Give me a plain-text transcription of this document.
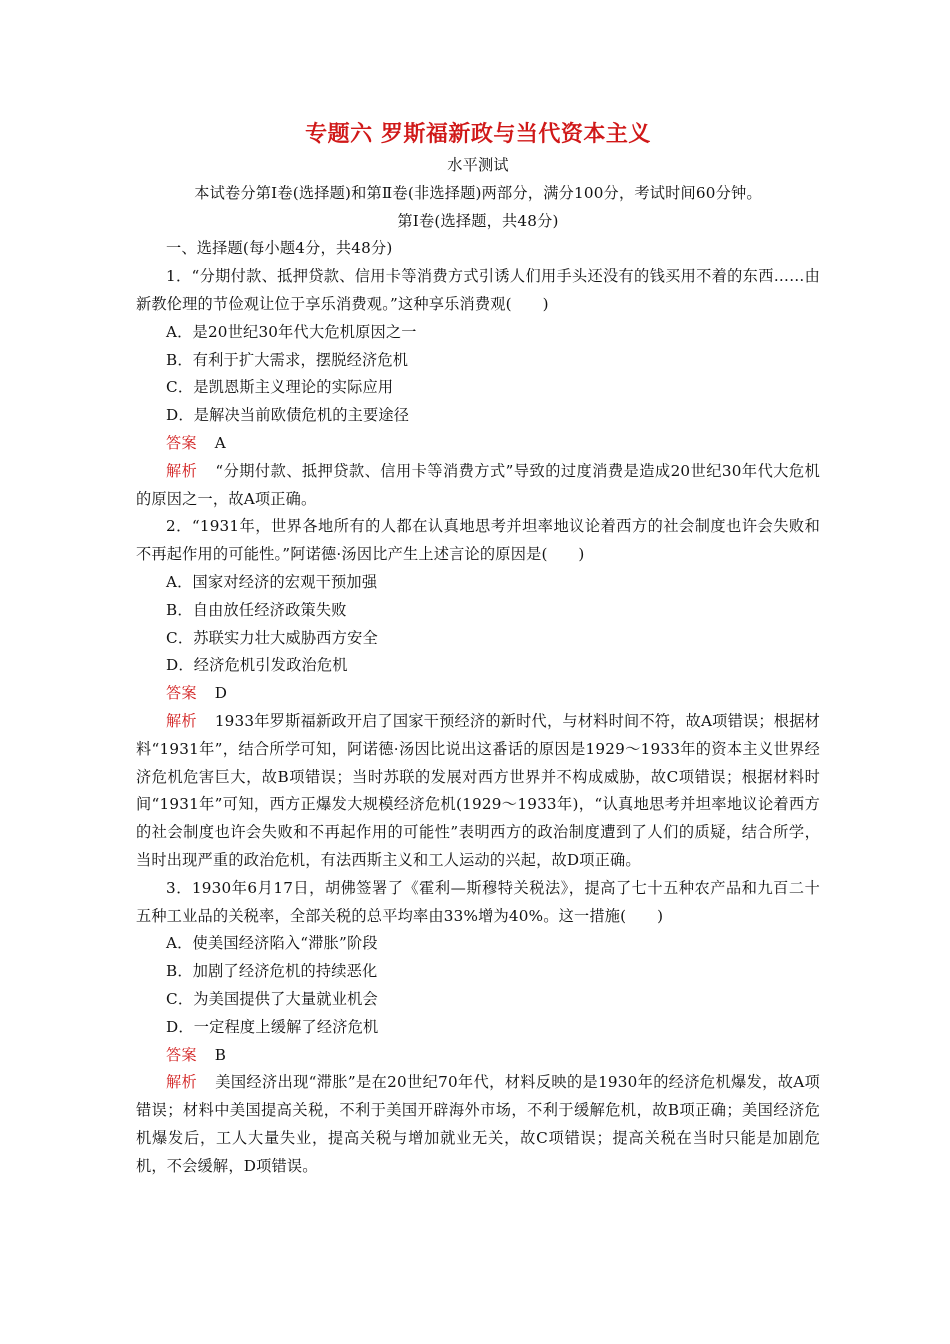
专题六 罗斯福新政与当代资本主义
水平测试
本试卷分第Ⅰ卷(选择题)和第Ⅱ卷(非选择题)两部分，满分100分，考试时间60分钟。
第Ⅰ卷(选择题，共48分)
一、选择题(每小题4分，共48分)
1．“分期付款、抵押贷款、信用卡等消费方式引诱人们用手头还没有的钱买用不着的东西……由新教伦理的节俭观让位于享乐消费观。”这种享乐消费观(　　)
A．是20世纪30年代大危机原因之一
B．有利于扩大需求，摆脱经济危机
C．是凯恩斯主义理论的实际应用
D．是解决当前欧债危机的主要途径
答案 A
解析 “分期付款、抵押贷款、信用卡等消费方式”导致的过度消费是造成20世纪30年代大危机的原因之一，故A项正确。
2．“1931年，世界各地所有的人都在认真地思考并坦率地议论着西方的社会制度也许会失败和不再起作用的可能性。”阿诺德·汤因比产生上述言论的原因是(　　)
A．国家对经济的宏观干预加强
B．自由放任经济政策失败
C．苏联实力壮大威胁西方安全
D．经济危机引发政治危机
答案 D
解析 1933年罗斯福新政开启了国家干预经济的新时代，与材料时间不符，故A项错误；根据材料“1931年”，结合所学可知，阿诺德·汤因比说出这番话的原因是1929～1933年的资本主义世界经济危机危害巨大，故B项错误；当时苏联的发展对西方世界并不构成威胁，故C项错误；根据材料时间“1931年”可知，西方正爆发大规模经济危机(1929～1933年)，“认真地思考并坦率地议论着西方的社会制度也许会失败和不再起作用的可能性”表明西方的政治制度遭到了人们的质疑，结合所学，当时出现严重的政治危机，有法西斯主义和工人运动的兴起，故D项正确。
3．1930年6月17日，胡佛签署了《霍利—斯穆特关税法》，提高了七十五种农产品和九百二十五种工业品的关税率，全部关税的总平均率由33%增为40%。这一措施(　　)
A．使美国经济陷入“滞胀”阶段
B．加剧了经济危机的持续恶化
C．为美国提供了大量就业机会
D．一定程度上缓解了经济危机
答案 B
解析 美国经济出现“滞胀”是在20世纪70年代，材料反映的是1930年的经济危机爆发，故A项错误；材料中美国提高关税，不利于美国开辟海外市场，不利于缓解危机，故B项正确；美国经济危机爆发后，工人大量失业，提高关税与增加就业无关，故C项错误；提高关税在当时只能是加剧危机，不会缓解，D项错误。
